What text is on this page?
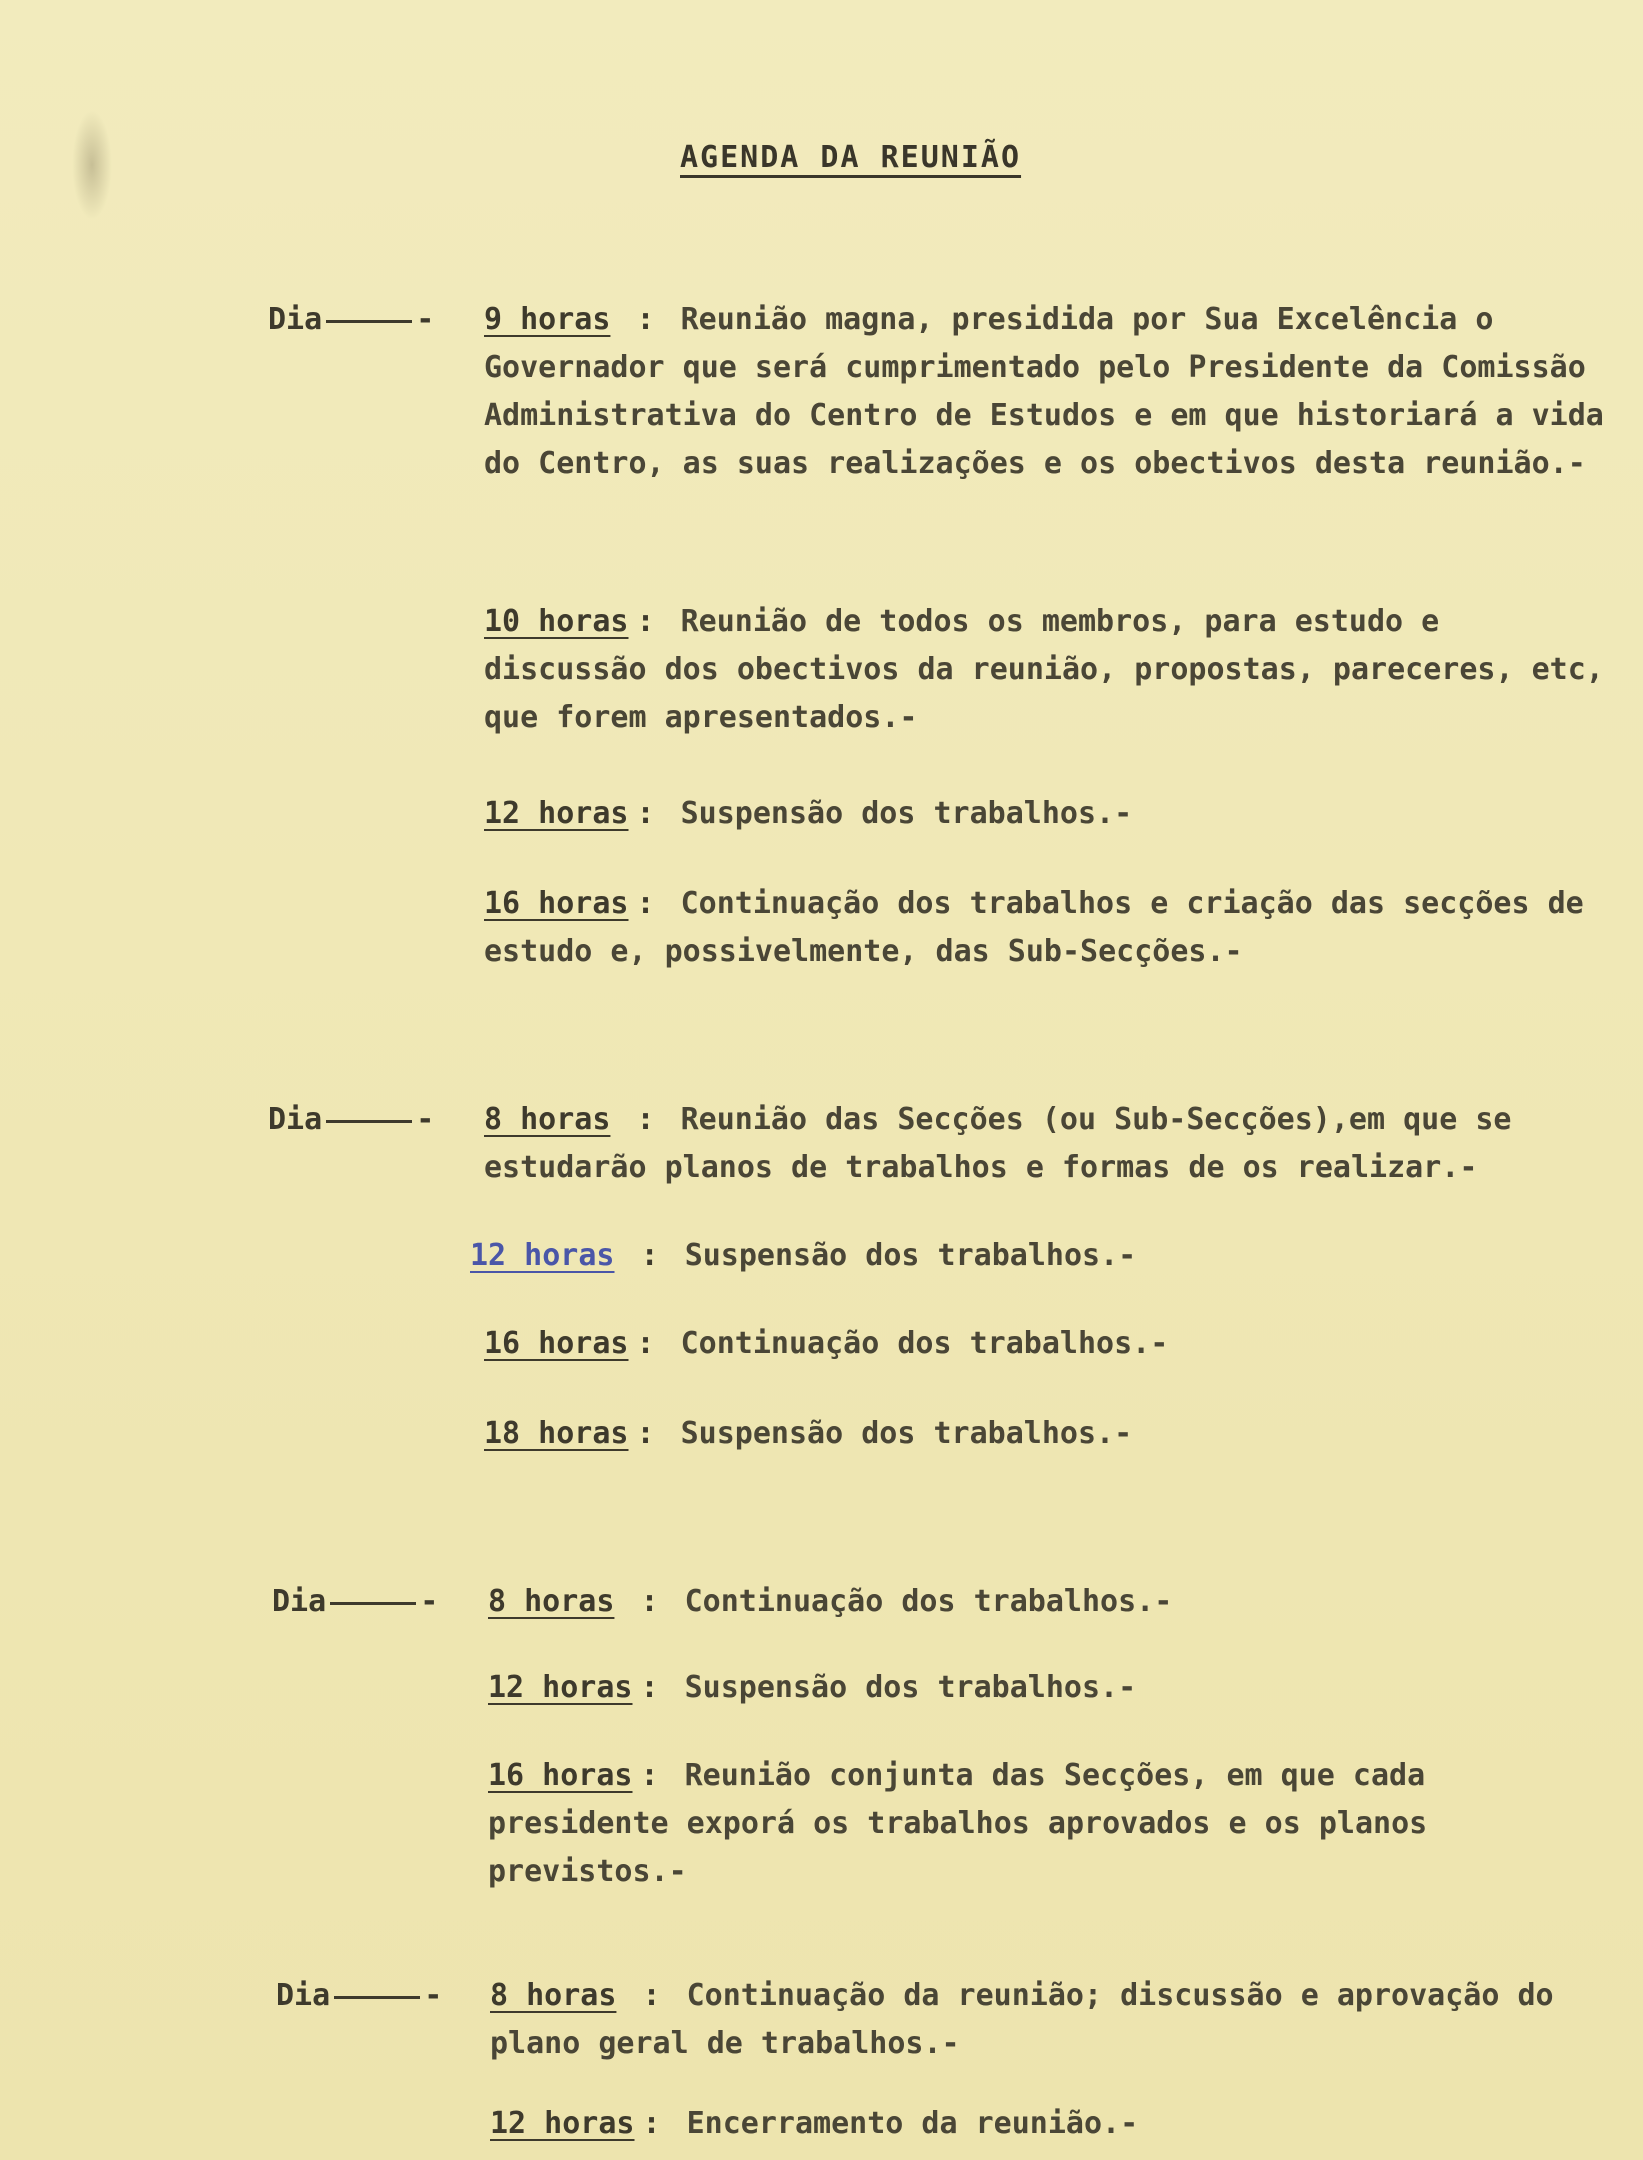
AGENDA DA REUNIÃO
Dia	- 9 horas : Reunião magna, presidida por Sua Excelência o Governador que será cumprimentado pelo Presidente da Comissão Administrativa do Centro de Estudos e em que historiará a vida do Centro, as suas realizações e os obectivos desta reunião.-
10 horas : Reunião de todos os membros, para estudo e discussão dos obectivos da reunião, propostas, pareceres, etc, que forem apresentados.-
12 horas : Suspensão dos trabalhos.-
16 horas : Continuação dos trabalhos e criação das secções de estudo e, possivelmente, das Sub-Secções.-
Dia	- 8 horas : Reunião das Secções (ou Sub-Secções),em que se estudarão planos de trabalhos e formas de os realizar.-
12 horas : Suspensão dos trabalhos.-
16 horas : Continuação dos trabalhos.-
18 horas : Suspensão dos trabalhos.-
Dia	- 8 horas : Continuação dos trabalhos.-
12 horas : Suspensão dos trabalhos.-
16 horas : Reunião conjunta das Secções, em que cada presidente exporá os trabalhos aprovados e os planos previstos.-
Dia	- 8 horas : Continuação da reunião; discussão e aprovação do plano geral de trabalhos.-
12 horas : Encerramento da reunião.-
